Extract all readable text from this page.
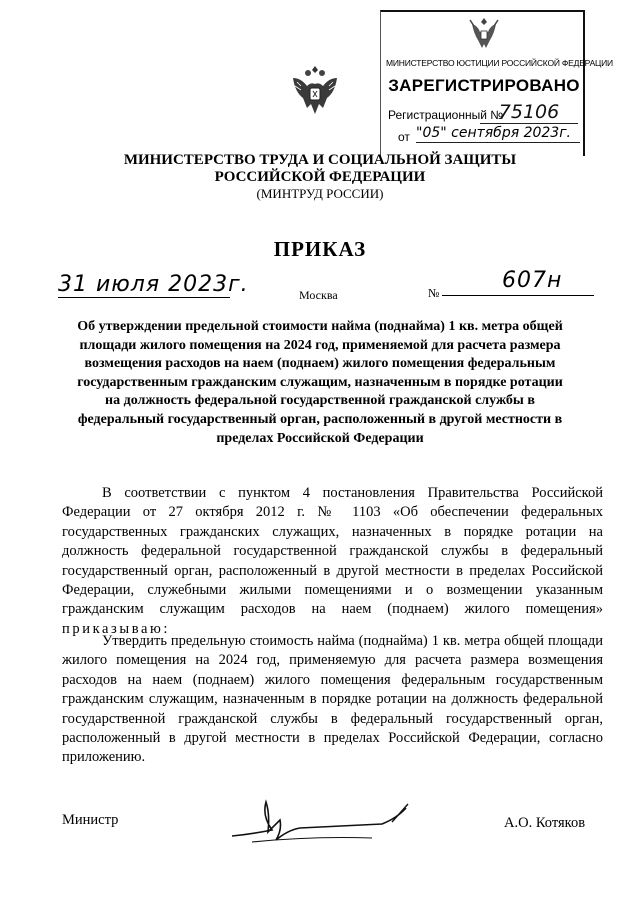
МИНИСТЕРСТВО ЮСТИЦИИ РОССИЙСКОЙ ФЕДЕРАЦИИ
ЗАРЕГИСТРИРОВАНО
Регистрационный №
75106
от "05" сентября 2023г.
МИНИСТЕРСТВО ТРУДА И СОЦИАЛЬНОЙ ЗАЩИТЫ
РОССИЙСКОЙ ФЕДЕРАЦИИ
(МИНТРУД РОССИИ)
ПРИКАЗ
31 июля 2023г.	Москва	№	607н
Об утверждении предельной стоимости найма (поднайма) 1 кв. метра общей площади жилого помещения на 2024 год, применяемой для расчета размера возмещения расходов на наем (поднаем) жилого помещения федеральным государственным гражданским служащим, назначенным в порядке ротации на должность федеральной государственной гражданской службы в федеральный государственный орган, расположенный в другой местности в пределах Российской Федерации
В соответствии с пунктом 4 постановления Правительства Российской Федерации от 27 октября 2012 г. № 1103 «Об обеспечении федеральных государственных гражданских служащих, назначенных в порядке ротации на должность федеральной государственной гражданской службы в федеральный государственный орган, расположенный в другой местности в пределах Российской Федерации, служебными жилыми помещениями и о возмещении указанным гражданским служащим расходов на наем (поднаем) жилого помещения» приказываю:
Утвердить предельную стоимость найма (поднайма) 1 кв. метра общей площади жилого помещения на 2024 год, применяемую для расчета размера возмещения расходов на наем (поднаем) жилого помещения федеральным государственным гражданским служащим, назначенным в порядке ротации на должность федеральной государственной гражданской службы в федеральный государственный орган, расположенный в другой местности в пределах Российской Федерации, согласно приложению.
Министр	А.О. Котяков
